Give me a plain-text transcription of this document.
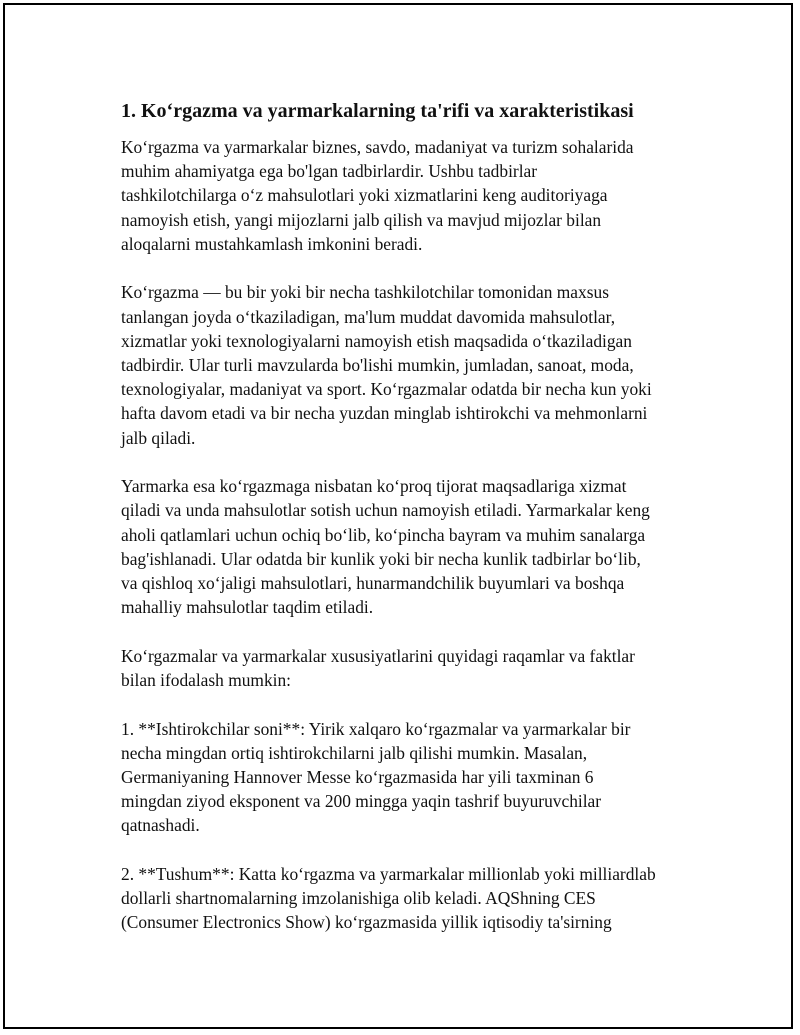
1. Ko‘rgazma va yarmarkalarning ta'rifi va xarakteristikasi

Ko‘rgazma va yarmarkalar biznes, savdo, madaniyat va turizm sohalarida
muhim ahamiyatga ega bo'lgan tadbirlardir. Ushbu tadbirlar
tashkilotchilarga o‘z mahsulotlari yoki xizmatlarini keng auditoriyaga
namoyish etish, yangi mijozlarni jalb qilish va mavjud mijozlar bilan
aloqalarni mustahkamlash imkonini beradi.

Ko‘rgazma — bu bir yoki bir necha tashkilotchilar tomonidan maxsus
tanlangan joyda o‘tkaziladigan, ma'lum muddat davomida mahsulotlar,
xizmatlar yoki texnologiyalarni namoyish etish maqsadida o‘tkaziladigan
tadbirdir. Ular turli mavzularda bo'lishi mumkin, jumladan, sanoat, moda,
texnologiyalar, madaniyat va sport. Ko‘rgazmalar odatda bir necha kun yoki
hafta davom etadi va bir necha yuzdan minglab ishtirokchi va mehmonlarni
jalb qiladi.

Yarmarka esa ko‘rgazmaga nisbatan ko‘proq tijorat maqsadlariga xizmat
qiladi va unda mahsulotlar sotish uchun namoyish etiladi. Yarmarkalar keng
aholi qatlamlari uchun ochiq bo‘lib, ko‘pincha bayram va muhim sanalarga
bag'ishlanadi. Ular odatda bir kunlik yoki bir necha kunlik tadbirlar bo‘lib,
va qishloq xo‘jaligi mahsulotlari, hunarmandchilik buyumlari va boshqa
mahalliy mahsulotlar taqdim etiladi.

Ko‘rgazmalar va yarmarkalar xususiyatlarini quyidagi raqamlar va faktlar
bilan ifodalash mumkin:

1. **Ishtirokchilar soni**: Yirik xalqaro ko‘rgazmalar va yarmarkalar bir
necha mingdan ortiq ishtirokchilarni jalb qilishi mumkin. Masalan,
Germaniyaning Hannover Messe ko‘rgazmasida har yili taxminan 6
mingdan ziyod eksponent va 200 mingga yaqin tashrif buyuruvchilar
qatnashadi.

2. **Tushum**: Katta ko‘rgazma va yarmarkalar millionlab yoki milliardlab
dollarli shartnomalarning imzolanishiga olib keladi. AQShning CES
(Consumer Electronics Show) ko‘rgazmasida yillik iqtisodiy ta'sirning
